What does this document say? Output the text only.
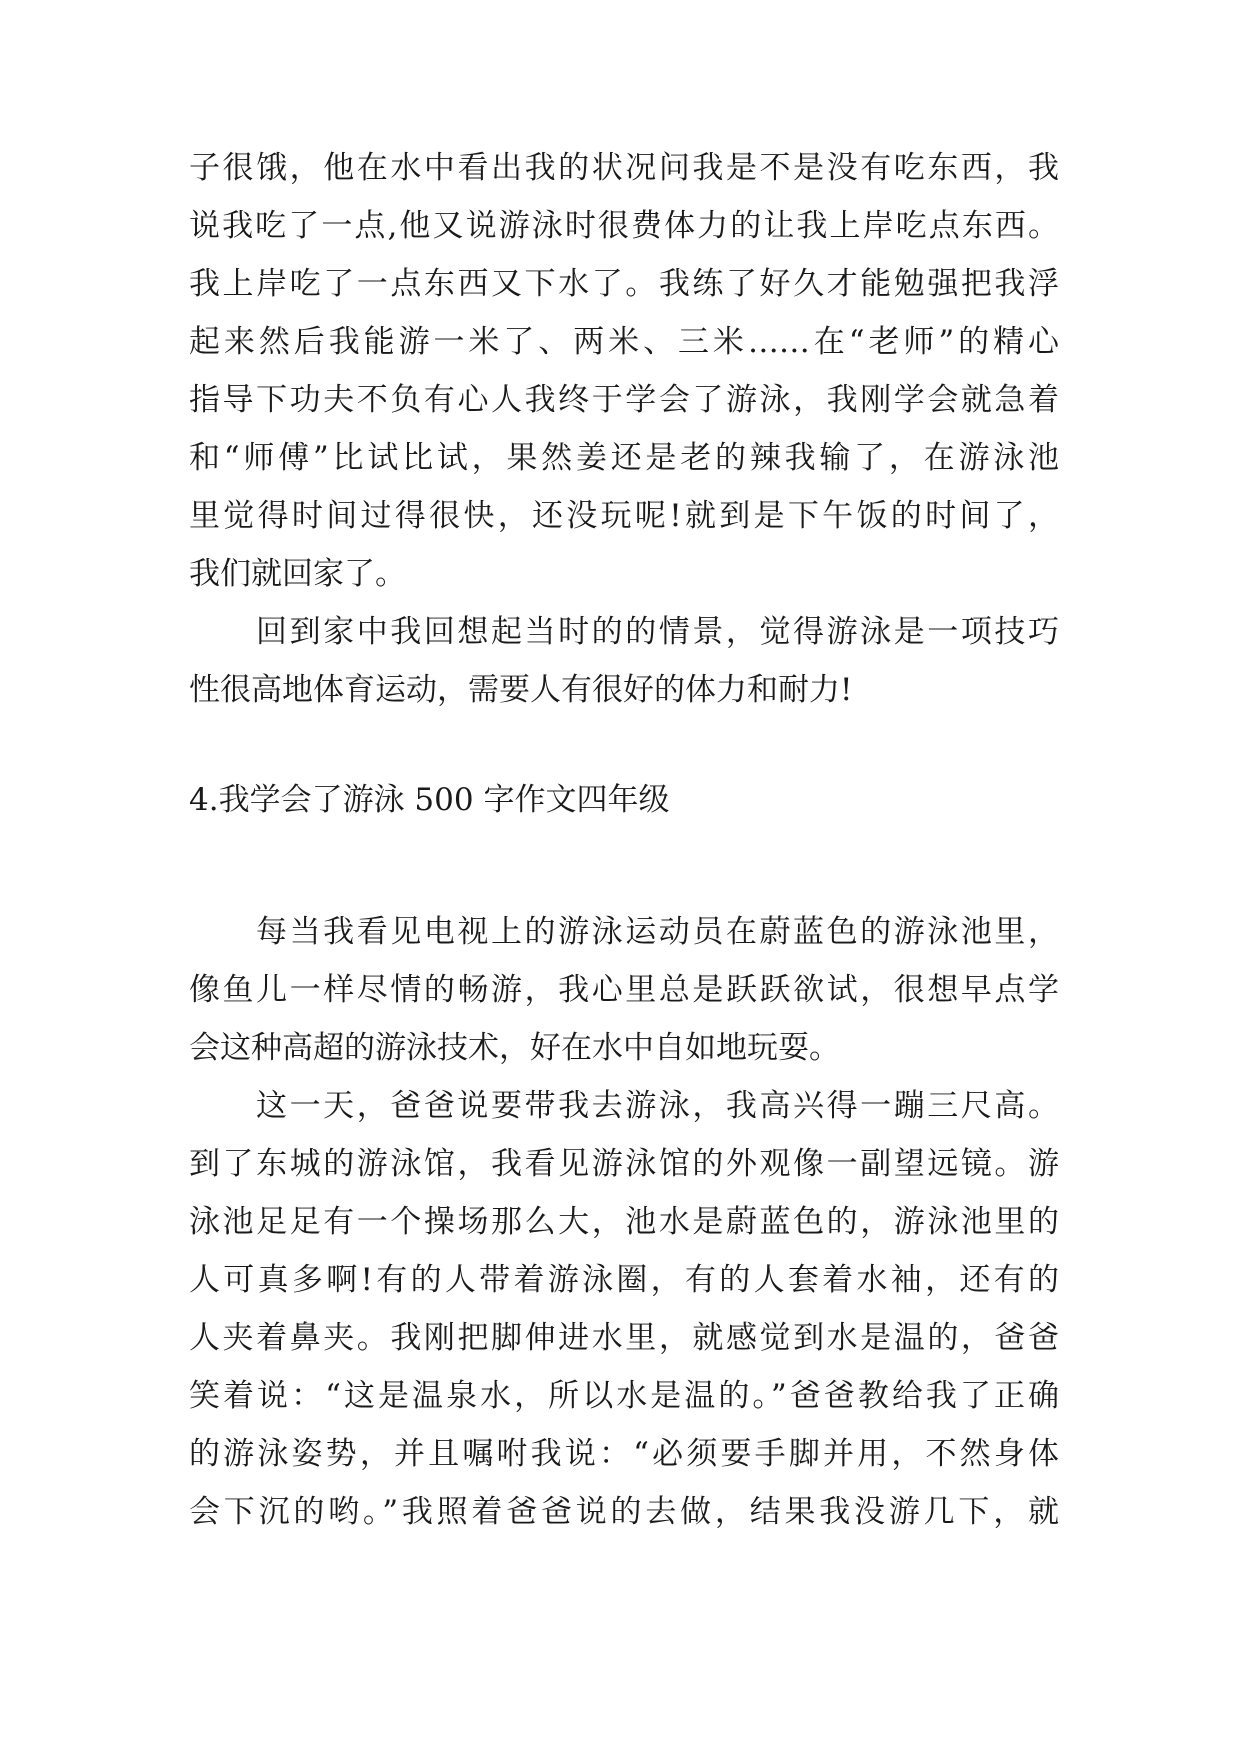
子很饿，他在水中看出我的状况问我是不是没有吃东西，我
说我吃了一点,他又说游泳时很费体力的让我上岸吃点东西。
我上岸吃了一点东西又下水了。我练了好久才能勉强把我浮
起来然后我能游一米了、两米、三米……在“老师”的精心
指导下功夫不负有心人我终于学会了游泳，我刚学会就急着
和“师傅”比试比试，果然姜还是老的辣我输了，在游泳池
里觉得时间过得很快，还没玩呢!就到是下午饭的时间了，
我们就回家了。
回到家中我回想起当时的的情景，觉得游泳是一项技巧
性很高地体育运动，需要人有很好的体力和耐力!
4.我学会了游泳 500 字作文四年级
每当我看见电视上的游泳运动员在蔚蓝色的游泳池里，
像鱼儿一样尽情的畅游，我心里总是跃跃欲试，很想早点学
会这种高超的游泳技术，好在水中自如地玩耍。
这一天，爸爸说要带我去游泳，我高兴得一蹦三尺高。
到了东城的游泳馆，我看见游泳馆的外观像一副望远镜。游
泳池足足有一个操场那么大，池水是蔚蓝色的，游泳池里的
人可真多啊!有的人带着游泳圈，有的人套着水袖，还有的
人夹着鼻夹。我刚把脚伸进水里，就感觉到水是温的，爸爸
笑着说：“这是温泉水，所以水是温的。”爸爸教给我了正确
的游泳姿势，并且嘱咐我说：“必须要手脚并用，不然身体
会下沉的哟。”我照着爸爸说的去做，结果我没游几下，就
